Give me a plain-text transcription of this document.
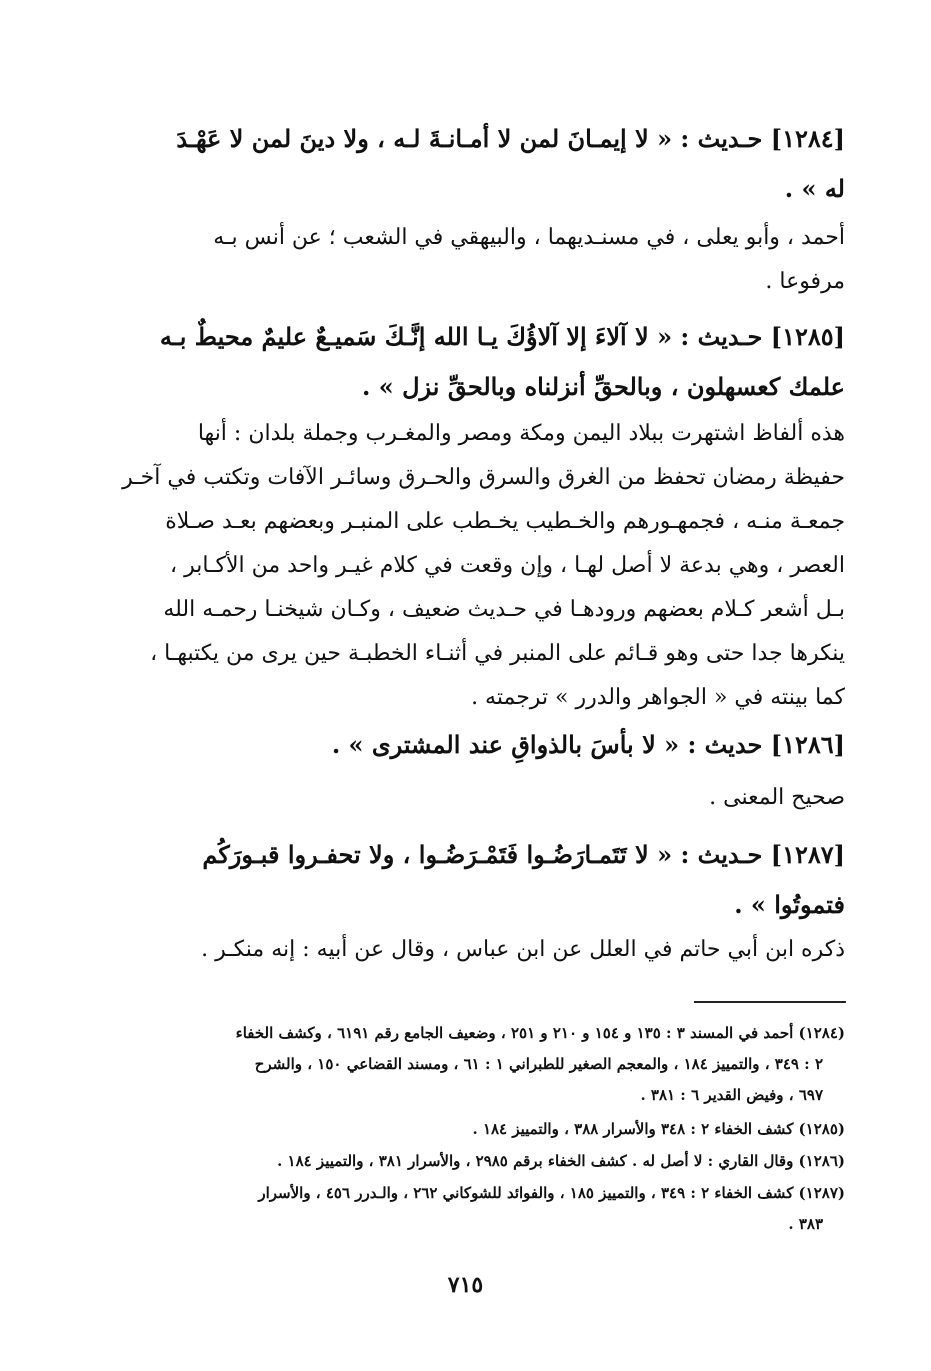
[١٢٨٤] حـديث : « لا إيمـانَ لمن لا أمـانـةَ لـه ، ولا دينَ لمن لا عَهْـدَ
له » .
أحمد ، وأبو يعلى ، في مسنـديهما ، والبيهقي في الشعب ؛ عن أنس بـه
مرفوعا .
[١٢٨٥] حـديث : « لا آلاءَ إلا آلاؤُكَ يـا الله إنَّـكَ سَميـعٌ عليمٌ محيطٌ بـه
علمك كعسهلون ، وبالحقِّ أنزلناه وبالحقِّ نزل » .
هذه ألفاظ اشتهرت ببلاد اليمن ومكة ومصر والمغـرب وجملة بلدان : أنها
حفيظة رمضان تحفظ من الغرق والسرق والحـرق وسائـر الآفات وتكتب في آخـر
جمعـة منـه ، فجمهـورهم والخـطيب يخـطب على المنبـر وبعضهم بعـد صـلاة
العصر ، وهي بدعة لا أصل لهـا ، وإن وقعت في كلام غيـر واحد من الأكـابر ،
بـل أشعر كـلام بعضهم ورودهـا في حـديث ضعيف ، وكـان شيخنـا رحمـه الله
ينكرها جدا حتى وهو قـائم على المنبر في أثنـاء الخطبـة حين يرى من يكتبهـا ،
كما بينته في « الجواهر والدرر » ترجمته .
[١٢٨٦] حديث : « لا بأسَ بالذواقِ عند المشترى » .
صحيح المعنى .
[١٢٨٧] حـديث : « لا تَتَمـارَضُـوا فَتَمْـرَضُـوا ، ولا تحفـروا قبـورَكُم
فتموتُوا » .
ذكره ابن أبي حاتم في العلل عن ابن عباس ، وقال عن أبيه : إنه منكـر .
(١٢٨٤) أحمد في المسند ٣ : ١٣٥ و ١٥٤ و ٢١٠ و ٢٥١ ، وضعيف الجامع رقم ٦١٩١ ، وكشف الخفاء
٢ : ٣٤٩ ، والتمييز ١٨٤ ، والمعجم الصغير للطبراني ١ : ٦١ ، ومسند القضاعي ١٥٠ ، والشرح
٦٩٧ ، وفيض القدير ٦ : ٣٨١ .
(١٢٨٥) كشف الخفاء ٢ : ٣٤٨ والأسرار ٣٨٨ ، والتمييز ١٨٤ .
(١٢٨٦) وقال القاري : لا أصل له . كشف الخفاء برقم ٢٩٨٥ ، والأسرار ٣٨١ ، والتمييز ١٨٤ .
(١٢٨٧) كشف الخفاء ٢ : ٣٤٩ ، والتمييز ١٨٥ ، والفوائد للشوكاني ٢٦٢ ، والـدرر ٤٥٦ ، والأسرار
٣٨٣ .
٧١٥
